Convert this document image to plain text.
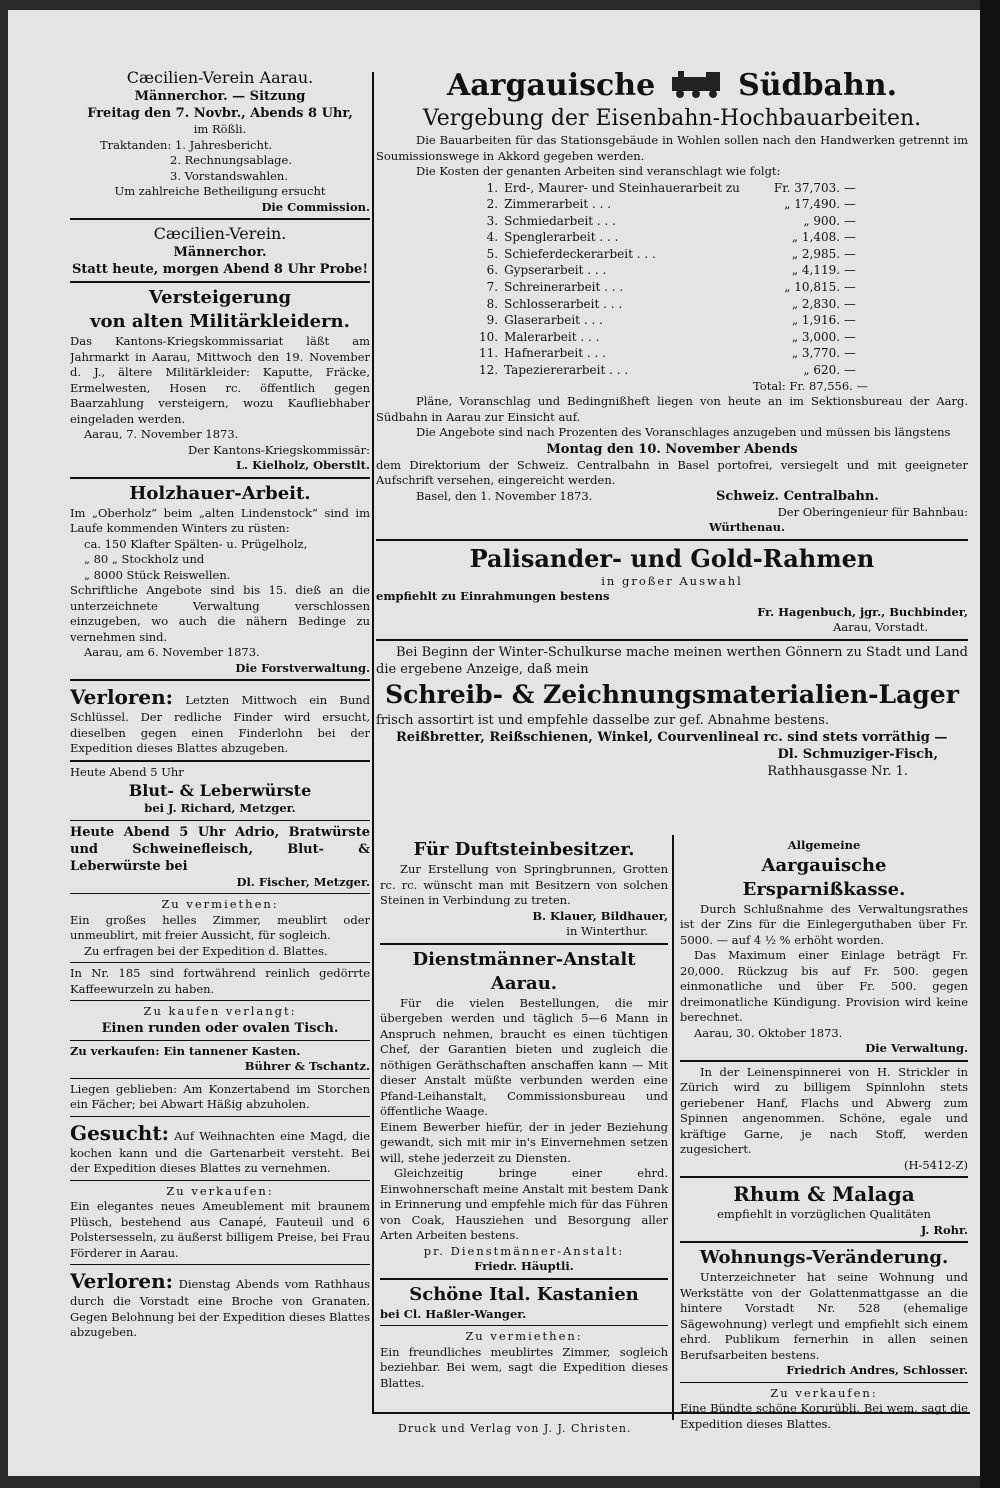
Cæcilien-Verein Aarau.

Männerchor. — Sitzung

Freitag den 7. Novbr., Abends 8 Uhr,

im Rößli.

Traktanden: 1. Jahresbericht.

2. Rechnungsablage.

3. Vorstandswahlen.

Um zahlreiche Betheiligung ersucht

Die Commission.

Cæcilien-Verein.

Männerchor.

Statt heute, morgen Abend 8 Uhr Probe!

Versteigerung

von alten Militärkleidern.

Das Kantons-Kriegskommissariat läßt am Jahrmarkt in Aarau, Mittwoch den 19. November d. J., ältere Militärkleider: Kaputte, Fräcke, Ermelwesten, Hosen rc. öffentlich gegen Baarzahlung versteigern, wozu Kaufliebhaber eingeladen werden.

Aarau, 7. November 1873.

Der Kantons-Kriegskommissär:

L. Kielholz, Oberstlt.

Holzhauer-Arbeit.

Im „Oberholz“ beim „alten Lindenstock“ sind im Laufe kommenden Winters zu rüsten:

ca. 150 Klafter Spälten- u. Prügelholz,

„ 80 „ Stockholz und

„ 8000 Stück Reiswellen.

Schriftliche Angebote sind bis 15. dieß an die unterzeichnete Verwaltung verschlossen einzugeben, wo auch die nähern Bedinge zu vernehmen sind.

Aarau, am 6. November 1873.

Die Forstverwaltung.

Verloren: Letzten Mittwoch ein Bund Schlüssel. Der redliche Finder wird ersucht, dieselben gegen einen Finderlohn bei der Expedition dieses Blattes abzugeben.

Heute Abend 5 Uhr

Blut- & Leberwürste

bei J. Richard, Metzger.

Heute Abend 5 Uhr Adrio, Bratwürste und Schweinefleisch, Blut- & Leberwürste bei

Dl. Fischer, Metzger.

Zu vermiethen:

Ein großes helles Zimmer, meublirt oder unmeublirt, mit freier Aussicht, für sogleich.

Zu erfragen bei der Expedition d. Blattes.

In Nr. 185 sind fortwährend reinlich gedörrte Kaffeewurzeln zu haben.

Zu kaufen verlangt:

Einen runden oder ovalen Tisch.

Zu verkaufen: Ein tannener Kasten.

Bührer & Tschantz.

Liegen geblieben: Am Konzertabend im Storchen ein Fächer; bei Abwart Häßig abzuholen.

Gesucht: Auf Weihnachten eine Magd, die kochen kann und die Gartenarbeit versteht. Bei der Expedition dieses Blattes zu vernehmen.

Zu verkaufen:

Ein elegantes neues Ameublement mit braunem Plüsch, bestehend aus Canapé, Fauteuil und 6 Polstersesseln, zu äußerst billigem Preise, bei Frau Förderer in Aarau.

Verloren: Dienstag Abends vom Rathhaus durch die Vorstadt eine Broche von Granaten. Gegen Belohnung bei der Expedition dieses Blattes abzugeben.

Aargauische	Südbahn.

Vergebung der Eisenbahn-Hochbauarbeiten.

Die Bauarbeiten für das Stationsgebäude in Wohlen sollen nach den Handwerken getrennt im Soumissionswege in Akkord gegeben werden.

Die Kosten der genanten Arbeiten sind veranschlagt wie folgt:

1.	Erd-, Maurer- und Steinhauerarbeit zu	Fr. 37,703. —
2.	Zimmerarbeit . . .	„ 17,490. —
3.	Schmiedarbeit . . .	„ 900. —
4.	Spenglerarbeit . . .	„ 1,408. —
5.	Schieferdeckerarbeit . . .	„ 2,985. —
6.	Gypserarbeit . . .	„ 4,119. —
7.	Schreinerarbeit . . .	„ 10,815. —
8.	Schlosserarbeit . . .	„ 2,830. —
9.	Glaserarbeit . . .	„ 1,916. —
10.	Malerarbeit . . .	„ 3,000. —
11.	Hafnerarbeit . . .	„ 3,770. —
12.	Tapeziererarbeit . . .	„ 620. —

Total: Fr. 87,556. —

Pläne, Voranschlag und Bedingnißheft liegen von heute an im Sektionsbureau der Aarg. Südbahn in Aarau zur Einsicht auf.

Die Angebote sind nach Prozenten des Voranschlages anzugeben und müssen bis längstens

Montag den 10. November Abends

dem Direktorium der Schweiz. Centralbahn in Basel portofrei, versiegelt und mit geeigneter Aufschrift versehen, eingereicht werden.

Basel, den 1. November 1873.	Schweiz. Centralbahn.

Der Oberingenieur für Bahnbau:

Würthenau.

Palisander- und Gold-Rahmen

in großer Auswahl

empfiehlt zu Einrahmungen bestens

Fr. Hagenbuch, jgr., Buchbinder,

Aarau, Vorstadt.

Bei Beginn der Winter-Schulkurse mache meinen werthen Gönnern zu Stadt und Land die ergebene Anzeige, daß mein

Schreib- & Zeichnungsmaterialien-Lager

frisch assortirt ist und empfehle dasselbe zur gef. Abnahme bestens.

Reißbretter, Reißschienen, Winkel, Courvenlineal rc. sind stets vorräthig —

Dl. Schmuziger-Fisch,

Rathhausgasse Nr. 1.

Für Duftsteinbesitzer.

Zur Erstellung von Springbrunnen, Grotten rc. rc. wünscht man mit Besitzern von solchen Steinen in Verbindung zu treten.

B. Klauer, Bildhauer,

in Winterthur.

Dienstmänner-Anstalt Aarau.

Für die vielen Bestellungen, die mir übergeben werden und täglich 5—6 Mann in Anspruch nehmen, braucht es einen tüchtigen Chef, der Garantien bieten und zugleich die nöthigen Geräthschaften anschaffen kann — Mit dieser Anstalt müßte verbunden werden eine Pfand-Leihanstalt, Commissionsbureau und öffentliche Waage.

Einem Bewerber hiefür, der in jeder Beziehung gewandt, sich mit mir in's Einvernehmen setzen will, stehe jederzeit zu Diensten.

Gleichzeitig bringe einer ehrd. Einwohnerschaft meine Anstalt mit bestem Dank in Erinnerung und empfehle mich für das Führen von Coak, Hausziehen und Besorgung aller Arten Arbeiten bestens.

pr. Dienstmänner-Anstalt:

Friedr. Häuptli.

Schöne Ital. Kastanien

bei Cl. Haßler-Wanger.

Zu vermiethen:

Ein freundliches meublirtes Zimmer, sogleich beziehbar. Bei wem, sagt die Expedition dieses Blattes.

Allgemeine

Aargauische Ersparnißkasse.

Durch Schlußnahme des Verwaltungsrathes ist der Zins für die Einlegerguthaben über Fr. 5000. — auf 4 ½ % erhöht worden.

Das Maximum einer Einlage beträgt Fr. 20,000. Rückzug bis auf Fr. 500. gegen einmonatliche und über Fr. 500. gegen dreimonatliche Kündigung. Provision wird keine berechnet.

Aarau, 30. Oktober 1873.

Die Verwaltung.

In der Leinenspinnerei von H. Strickler in Zürich wird zu billigem Spinnlohn stets geriebener Hanf, Flachs und Abwerg zum Spinnen angenommen. Schöne, egale und kräftige Garne, je nach Stoff, werden zugesichert.

(H-5412-Z)

Rhum & Malaga

empfiehlt in vorzüglichen Qualitäten

J. Rohr.

Wohnungs-Veränderung.

Unterzeichneter hat seine Wohnung und Werkstätte von der Golattenmattgasse an die hintere Vorstadt Nr. 528 (ehemalige Sägewohnung) verlegt und empfiehlt sich einem ehrd. Publikum fernerhin in allen seinen Berufsarbeiten bestens.

Friedrich Andres, Schlosser.

Zu verkaufen:

Eine Bündte schöne Korurübli. Bei wem, sagt die Expedition dieses Blattes.

Druck und Verlag von J. J. Christen.
